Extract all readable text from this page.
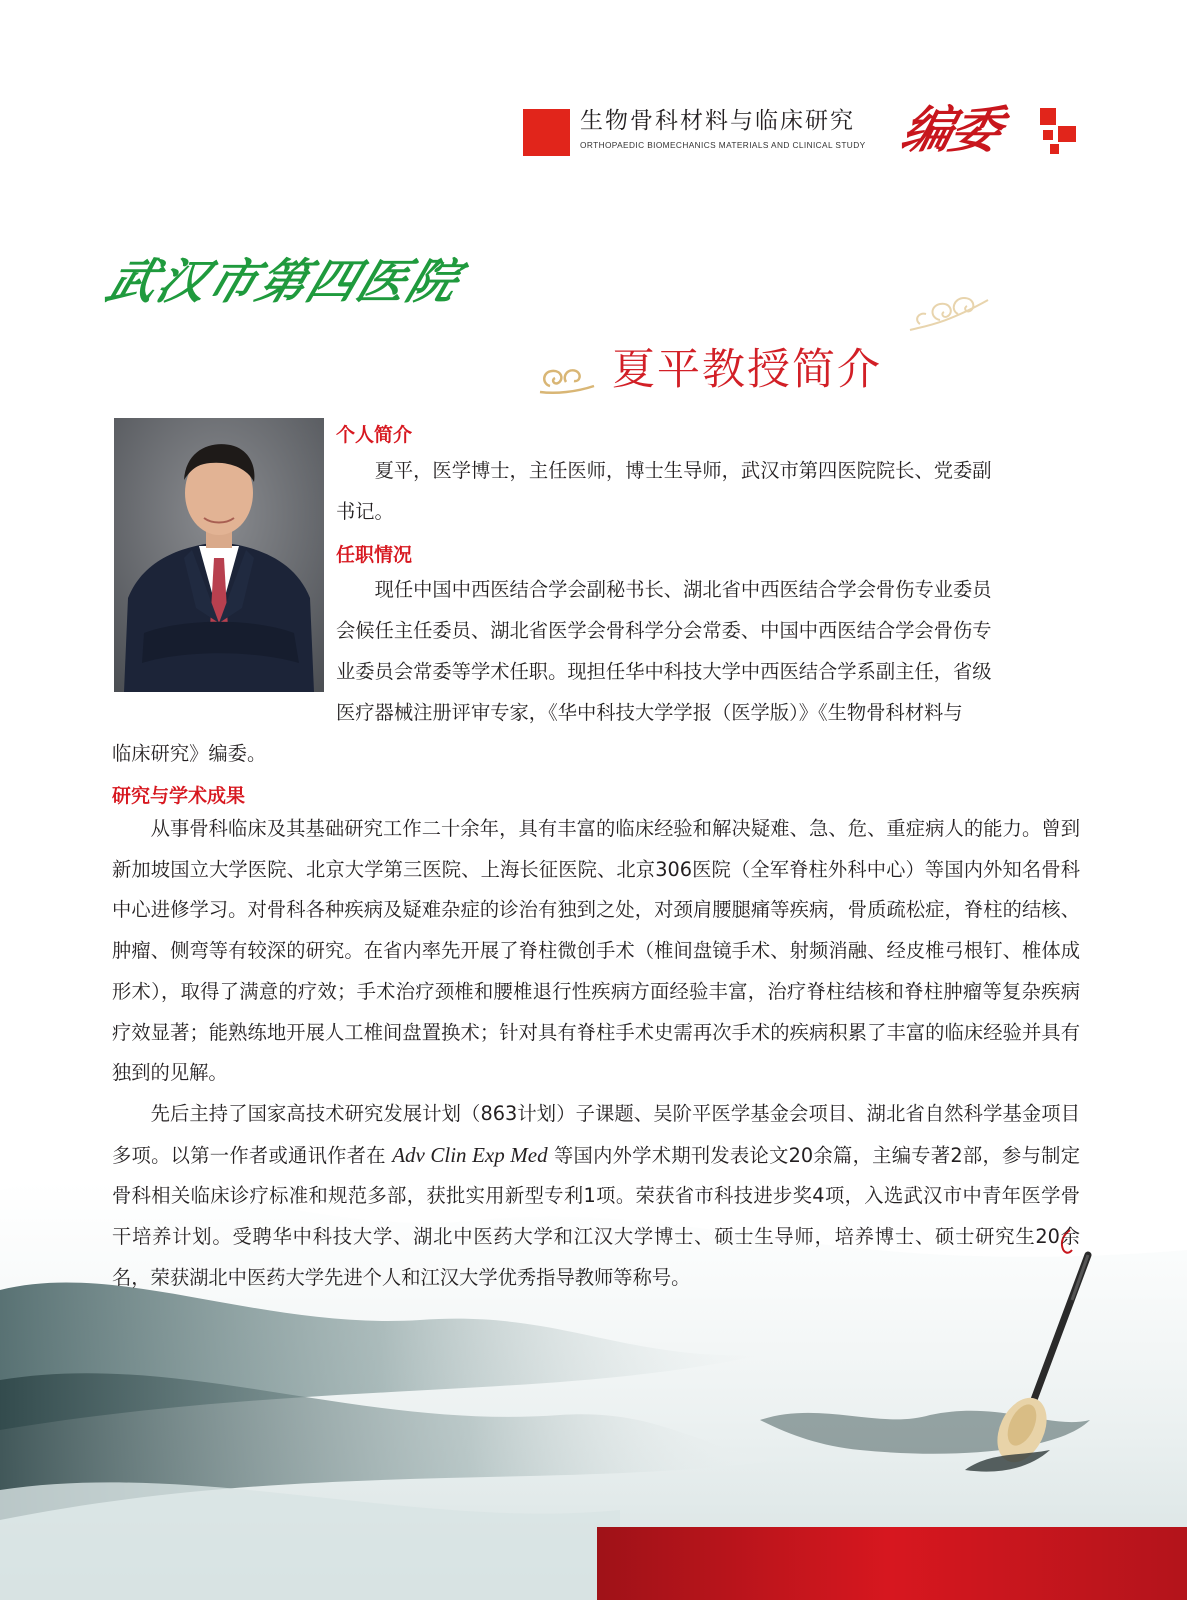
生物骨科材料与临床研究
ORTHOPAEDIC BIOMECHANICS MATERIALS AND CLINICAL STUDY 编委
武汉市第四医院
夏平教授简介
个人简介
夏平，医学博士，主任医师，博士生导师，武汉市第四医院院长、党委副
书记。
任职情况
现任中国中西医结合学会副秘书长、湖北省中西医结合学会骨伤专业委员
会候任主任委员、湖北省医学会骨科学分会常委、中国中西医结合学会骨伤专
业委员会常委等学术任职。现担任华中科技大学中西医结合学系副主任，省级
医疗器械注册评审专家，《华中科技大学学报（医学版）》《生物骨科材料与
临床研究》编委。
研究与学术成果

从事骨科临床及其基础研究工作二十余年，具有丰富的临床经验和解决疑难、急、危、重症病人的能力。曾到新加坡国立大学医院、北京大学第三医院、上海长征医院、北京306医院（全军脊柱外科中心）等国内外知名骨科中心进修学习。对骨科各种疾病及疑难杂症的诊治有独到之处，对颈肩腰腿痛等疾病，骨质疏松症，脊柱的结核、肿瘤、侧弯等有较深的研究。在省内率先开展了脊柱微创手术（椎间盘镜手术、射频消融、经皮椎弓根钉、椎体成形术），取得了满意的疗效；手术治疗颈椎和腰椎退行性疾病方面经验丰富，治疗脊柱结核和脊柱肿瘤等复杂疾病疗效显著；能熟练地开展人工椎间盘置换术；针对具有脊柱手术史需再次手术的疾病积累了丰富的临床经验并具有独到的见解。

先后主持了国家高技术研究发展计划（863计划）子课题、吴阶平医学基金会项目、湖北省自然科学基金项目多项。以第一作者或通讯作者在 Adv Clin Exp Med 等国内外学术期刊发表论文20余篇，主编专著2部，参与制定骨科相关临床诊疗标准和规范多部，获批实用新型专利1项。荣获省市科技进步奖4项，入选武汉市中青年医学骨干培养计划。受聘华中科技大学、湖北中医药大学和江汉大学博士、硕士生导师，培养博士、硕士研究生20余名，荣获湖北中医药大学先进个人和江汉大学优秀指导教师等称号。
